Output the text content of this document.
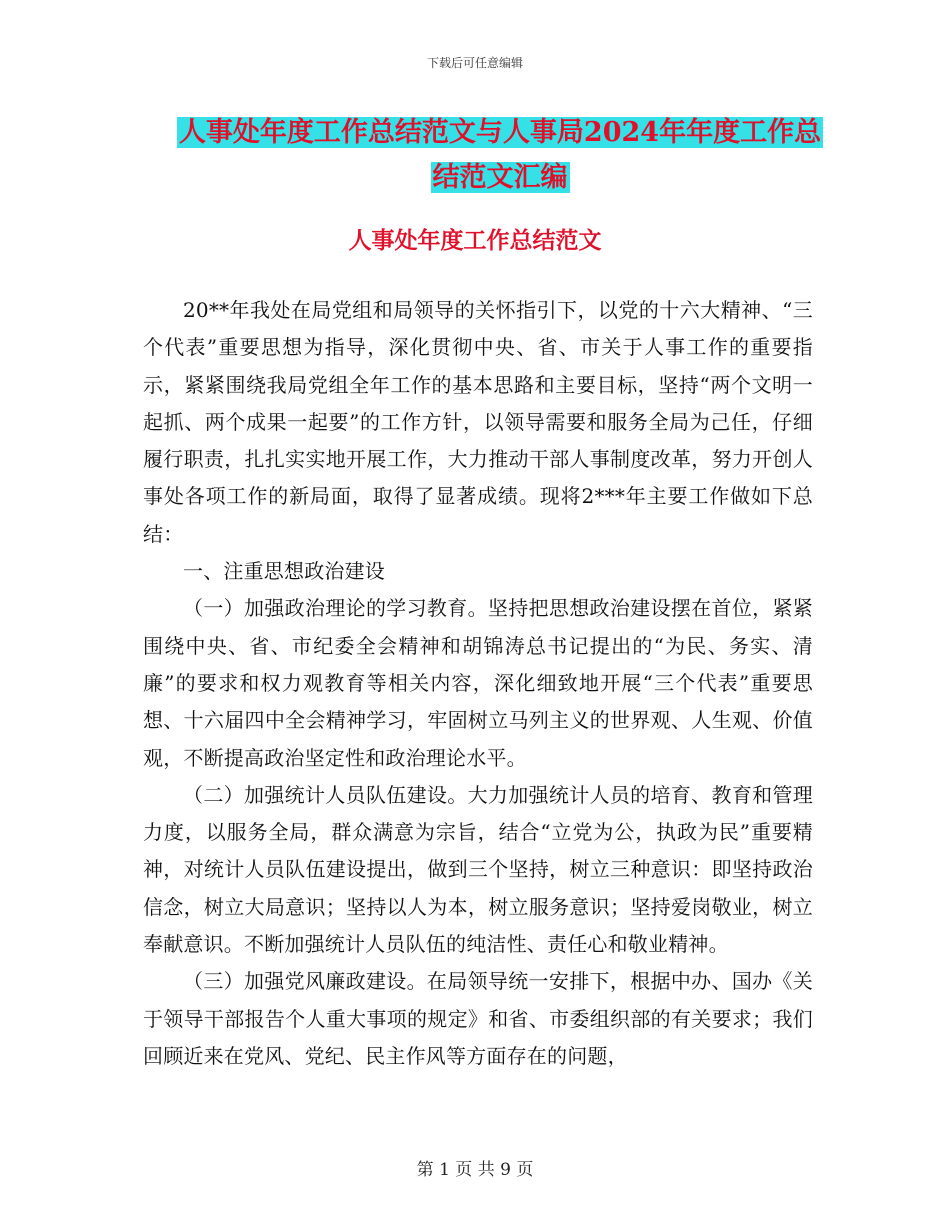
下载后可任意编辑
人事处年度工作总结范文与人事局2024年年度工作总
结范文汇编
人事处年度工作总结范文

20**年我处在局党组和局领导的关怀指引下，以党的十六大精神、“三个代表”重要思想为指导，深化贯彻中央、省、市关于人事工作的重要指示，紧紧围绕我局党组全年工作的基本思路和主要目标，坚持“两个文明一起抓、两个成果一起要”的工作方针，以领导需要和服务全局为己任，仔细履行职责，扎扎实实地开展工作，大力推动干部人事制度改革，努力开创人事处各项工作的新局面，取得了显著成绩。现将2***年主要工作做如下总结：

一、注重思想政治建设

（一）加强政治理论的学习教育。坚持把思想政治建设摆在首位，紧紧围绕中央、省、市纪委全会精神和胡锦涛总书记提出的“为民、务实、清廉”的要求和权力观教育等相关内容，深化细致地开展“三个代表”重要思想、十六届四中全会精神学习，牢固树立马列主义的世界观、人生观、价值观，不断提高政治坚定性和政治理论水平。

（二）加强统计人员队伍建设。大力加强统计人员的培育、教育和管理力度，以服务全局，群众满意为宗旨，结合“立党为公，执政为民”重要精神，对统计人员队伍建设提出，做到三个坚持，树立三种意识：即坚持政治信念，树立大局意识；坚持以人为本，树立服务意识；坚持爱岗敬业，树立奉献意识。不断加强统计人员队伍的纯洁性、责任心和敬业精神。

（三）加强党风廉政建设。在局领导统一安排下，根据中办、国办《关于领导干部报告个人重大事项的规定》和省、市委组织部的有关要求；我们回顾近来在党风、党纪、民主作风等方面存在的问题，

第 1 页 共 9 页
